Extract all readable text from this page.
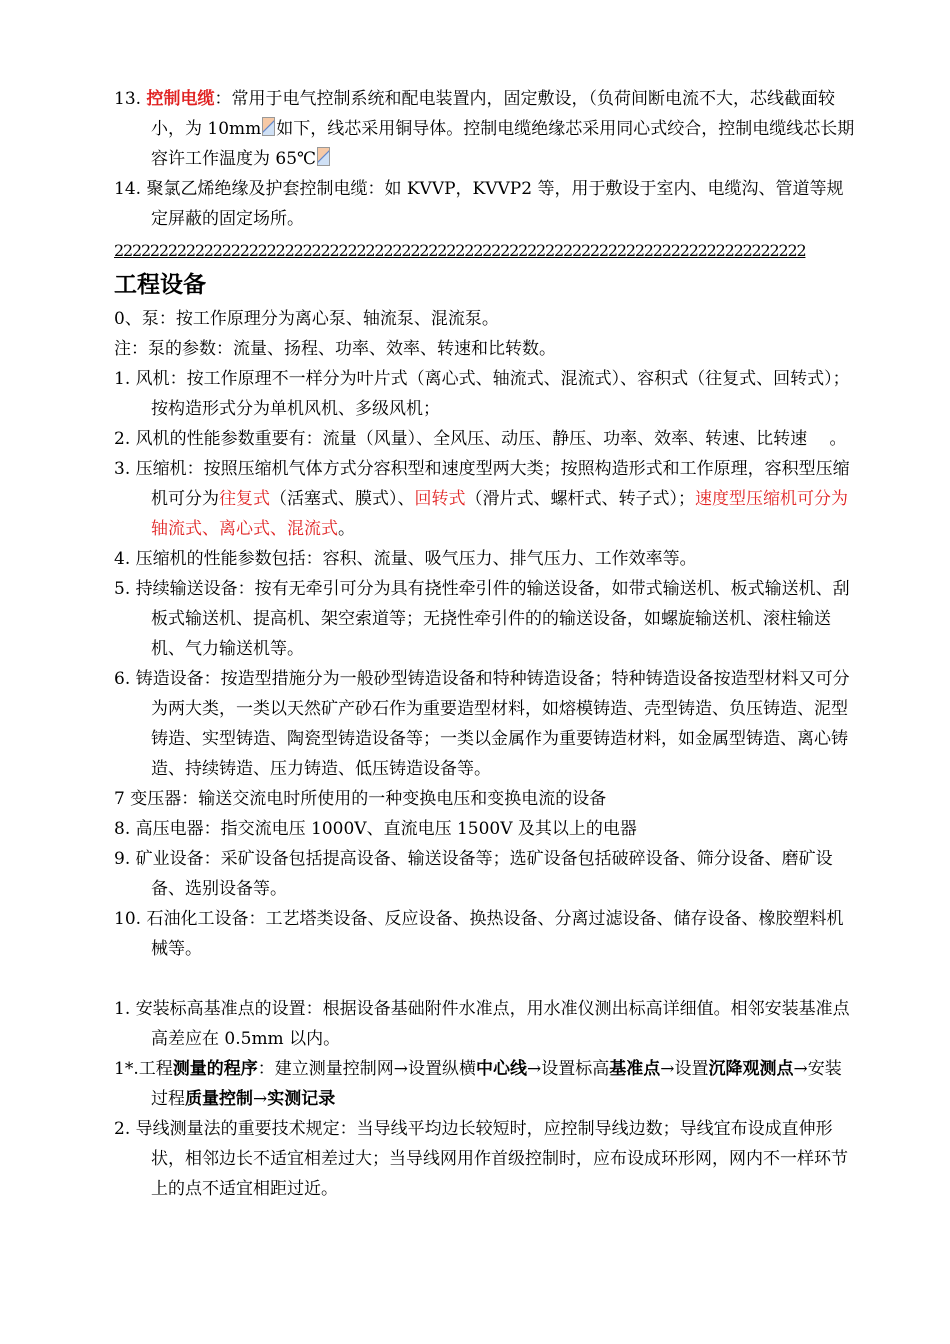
13. 控制电缆：常用于电气控制系统和配电装置内，固定敷设，（负荷间断电流不大，芯线截面较小，为 10mm 如下，线芯采用铜导体。控制电缆绝缘芯采用同心式绞合，控制电缆线芯长期容许工作温度为 65℃

14. 聚氯乙烯绝缘及护套控制电缆：如 KVVP，KVVP2 等，用于敷设于室内、电缆沟、管道等规定屏蔽的固定场所。

22222222222222222222222222222222222222222222222222222222222222222222222222222
工程设备

0、泵：按工作原理分为离心泵、轴流泵、混流泵。

注：泵的参数：流量、扬程、功率、效率、转速和比转数。

1. 风机：按工作原理不一样分为叶片式（离心式、轴流式、混流式）、容积式（往复式、回转式）；按构造形式分为单机风机、多级风机；

2. 风机的性能参数重要有：流量（风量）、全风压、动压、静压、功率、效率、转速、比转速 　。

3. 压缩机：按照压缩机气体方式分容积型和速度型两大类；按照构造形式和工作原理，容积型压缩机可分为往复式（活塞式、膜式）、回转式（滑片式、螺杆式、转子式）；速度型压缩机可分为轴流式、离心式、混流式。

4. 压缩机的性能参数包括：容积、流量、吸气压力、排气压力、工作效率等。

5. 持续输送设备：按有无牵引可分为具有挠性牵引件的输送设备，如带式输送机、板式输送机、刮板式输送机、提高机、架空索道等；无挠性牵引件的的输送设备，如螺旋输送机、滚柱输送机、气力输送机等。

6. 铸造设备：按造型措施分为一般砂型铸造设备和特种铸造设备；特种铸造设备按造型材料又可分为两大类，一类以天然矿产砂石作为重要造型材料，如熔模铸造、壳型铸造、负压铸造、泥型铸造、实型铸造、陶瓷型铸造设备等；一类以金属作为重要铸造材料，如金属型铸造、离心铸造、持续铸造、压力铸造、低压铸造设备等。

7 变压器：输送交流电时所使用的一种变换电压和变换电流的设备

8. 高压电器：指交流电压 1000V、直流电压 1500V 及其以上的电器

9. 矿业设备：采矿设备包括提高设备、输送设备等；选矿设备包括破碎设备、筛分设备、磨矿设备、选别设备等。

10. 石油化工设备：工艺塔类设备、反应设备、换热设备、分离过滤设备、储存设备、橡胶塑料机械等。

1. 安装标高基准点的设置：根据设备基础附件水准点，用水准仪测出标高详细值。相邻安装基准点高差应在 0.5mm 以内。

1*.工程测量的程序：建立测量控制网→设置纵横中心线→设置标高基准点→设置沉降观测点→安装过程质量控制→实测记录

2. 导线测量法的重要技术规定：当导线平均边长较短时，应控制导线边数；导线宜布设成直伸形状，相邻边长不适宜相差过大；当导线网用作首级控制时，应布设成环形网，网内不一样环节上的点不适宜相距过近。
